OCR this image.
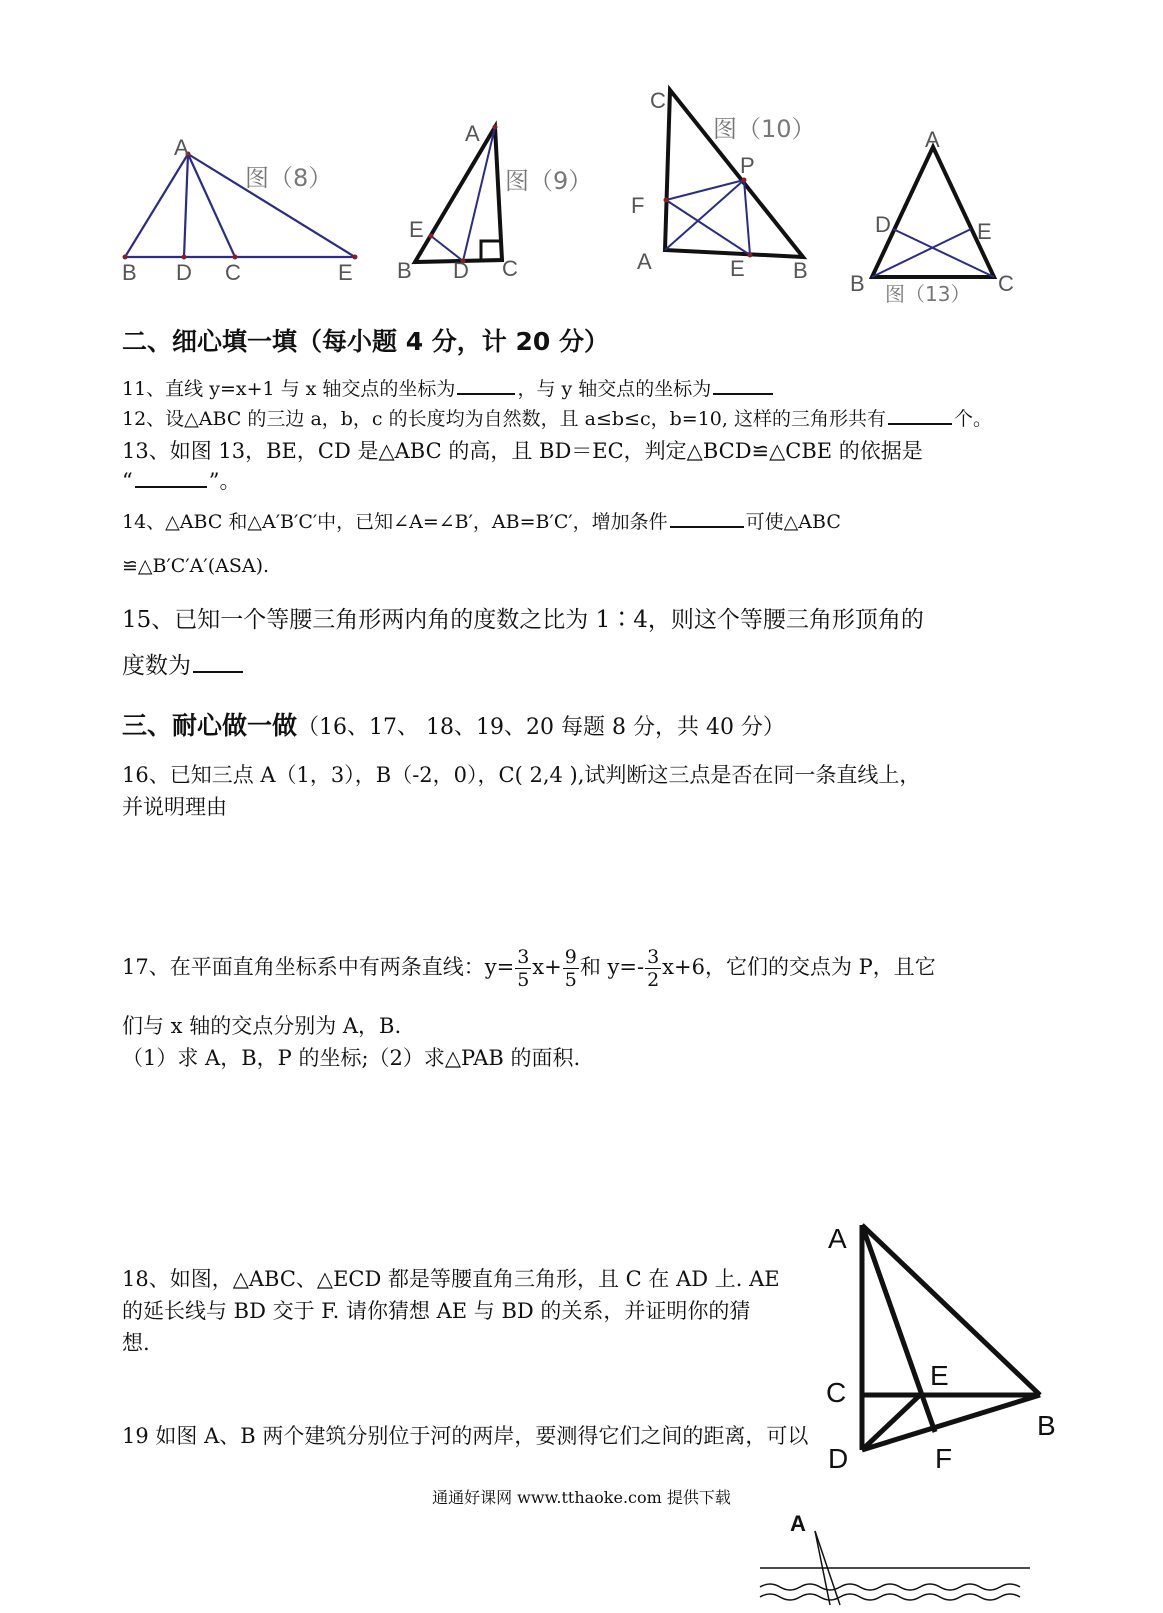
A
B D C	E
图（8）
A
E
B D C
图（9）
C
P
F
A	E B
图（10）	A
D	E
B	C
图（13）
二、细心填一填（每小题 4 分，计 20 分）
11、直线 y=x+1 与 x 轴交点的坐标为	，与 y 轴交点的坐标为
12、设△ABC 的三边 a，b，c 的长度均为自然数，且 a≤b≤c，b=10, 这样的三角形共有	个。
13、如图 13，BE，CD 是△ABC 的高，且 BD＝EC，判定△BCD≌△CBE 的依据是
“	”。
14、△ABC 和△A′B′C′中，已知∠A=∠B′，AB=B′C′，增加条件	可使△ABC
≌△B′C′A′(ASA).
15、已知一个等腰三角形两内角的度数之比为 1∶4，则这个等腰三角形顶角的
度数为
三、耐心做一做（16、17、 18、19、20 每题 8 分，共 40 分）
16、已知三点 A（1，3），B（-2，0），C( 2,4 ),试判断这三点是否在同一条直线上，
并说明理由
17、在平面直角坐标系中有两条直线：$y= \frac{3}{5} x+ \frac{9}{5}$ 和 $y=- \frac{3}{2} x+6$，它们的交点为 P，且它
们与 x 轴的交点分别为 A，B.
（1）求 A，B，P 的坐标;（2）求△PAB 的面积.
18、如图，△ABC、△ECD 都是等腰直角三角形，且 C 在 AD 上. AE
的延长线与 BD 交于 F. 请你猜想 AE 与 BD 的关系，并证明你的猜
想.
19 如图 A、B 两个建筑分别位于河的两岸，要测得它们之间的距离，可以
A
C
E
B
D	F
通通好课网 www.tthaoke.com 提供下载
A
